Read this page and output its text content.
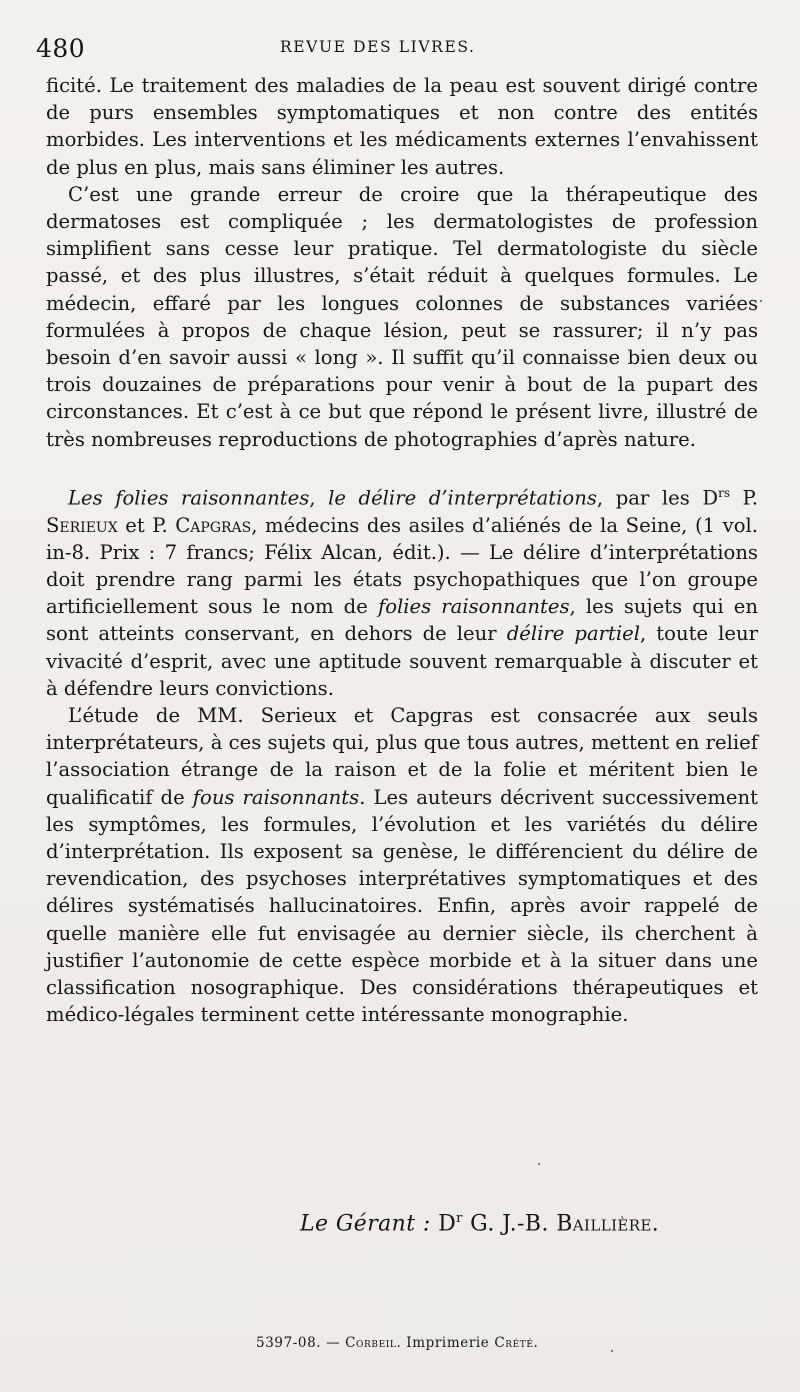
480	REVUE DES LIVRES.

ficité. Le traitement des maladies de la peau est souvent dirigé contre de purs ensembles symptomatiques et non contre des entités morbides. Les interventions et les médicaments externes l’envahissent de plus en plus, mais sans éliminer les autres.

C’est une grande erreur de croire que la thérapeutique des dermatoses est compliquée ; les dermatologistes de profession simplifient sans cesse leur pratique. Tel dermatologiste du siècle passé, et des plus illustres, s’était réduit à quelques formules. Le médecin, effaré par les longues colonnes de substances variées formulées à propos de chaque lésion, peut se rassurer; il n’y pas besoin d’en savoir aussi « long ». Il suffit qu’il connaisse bien deux ou trois douzaines de préparations pour venir à bout de la pupart des circonstances. Et c’est à ce but que répond le présent livre, illustré de très nombreuses reproductions de photographies d’après nature.

Les folies raisonnantes, le délire d’interprétations, par les $D^{rs}$ P. Serieux et P. Capgras, médecins des asiles d’aliénés de la Seine, (1 vol. in-8. Prix : 7 francs; Félix Alcan, édit.). — Le délire d’interprétations doit prendre rang parmi les états psychopathiques que l’on groupe artificiellement sous le nom de folies raisonnantes, les sujets qui en sont atteints conservant, en dehors de leur délire partiel, toute leur vivacité d’esprit, avec une aptitude souvent remarquable à discuter et à défendre leurs convictions.

L’étude de MM. Serieux et Capgras est consacrée aux seuls interprétateurs, à ces sujets qui, plus que tous autres, mettent en relief l’association étrange de la raison et de la folie et méritent bien le qualificatif de fous raisonnants. Les auteurs décrivent successivement les symptômes, les formules, l’évolution et les variétés du délire d’interprétation. Ils exposent sa genèse, le différencient du délire de revendication, des psychoses interprétatives symptomatiques et des délires systématisés hallucinatoires. Enfin, après avoir rappelé de quelle manière elle fut envisagée au dernier siècle, ils cherchent à justifier l’autonomie de cette espèce morbide et à la situer dans une classification nosographique. Des considérations thérapeutiques et médico-légales terminent cette intéressante monographie.

Le Gérant : $D^r$ G. J.-B. Baillière.
5397-08. — Corbeil. Imprimerie Crété.
